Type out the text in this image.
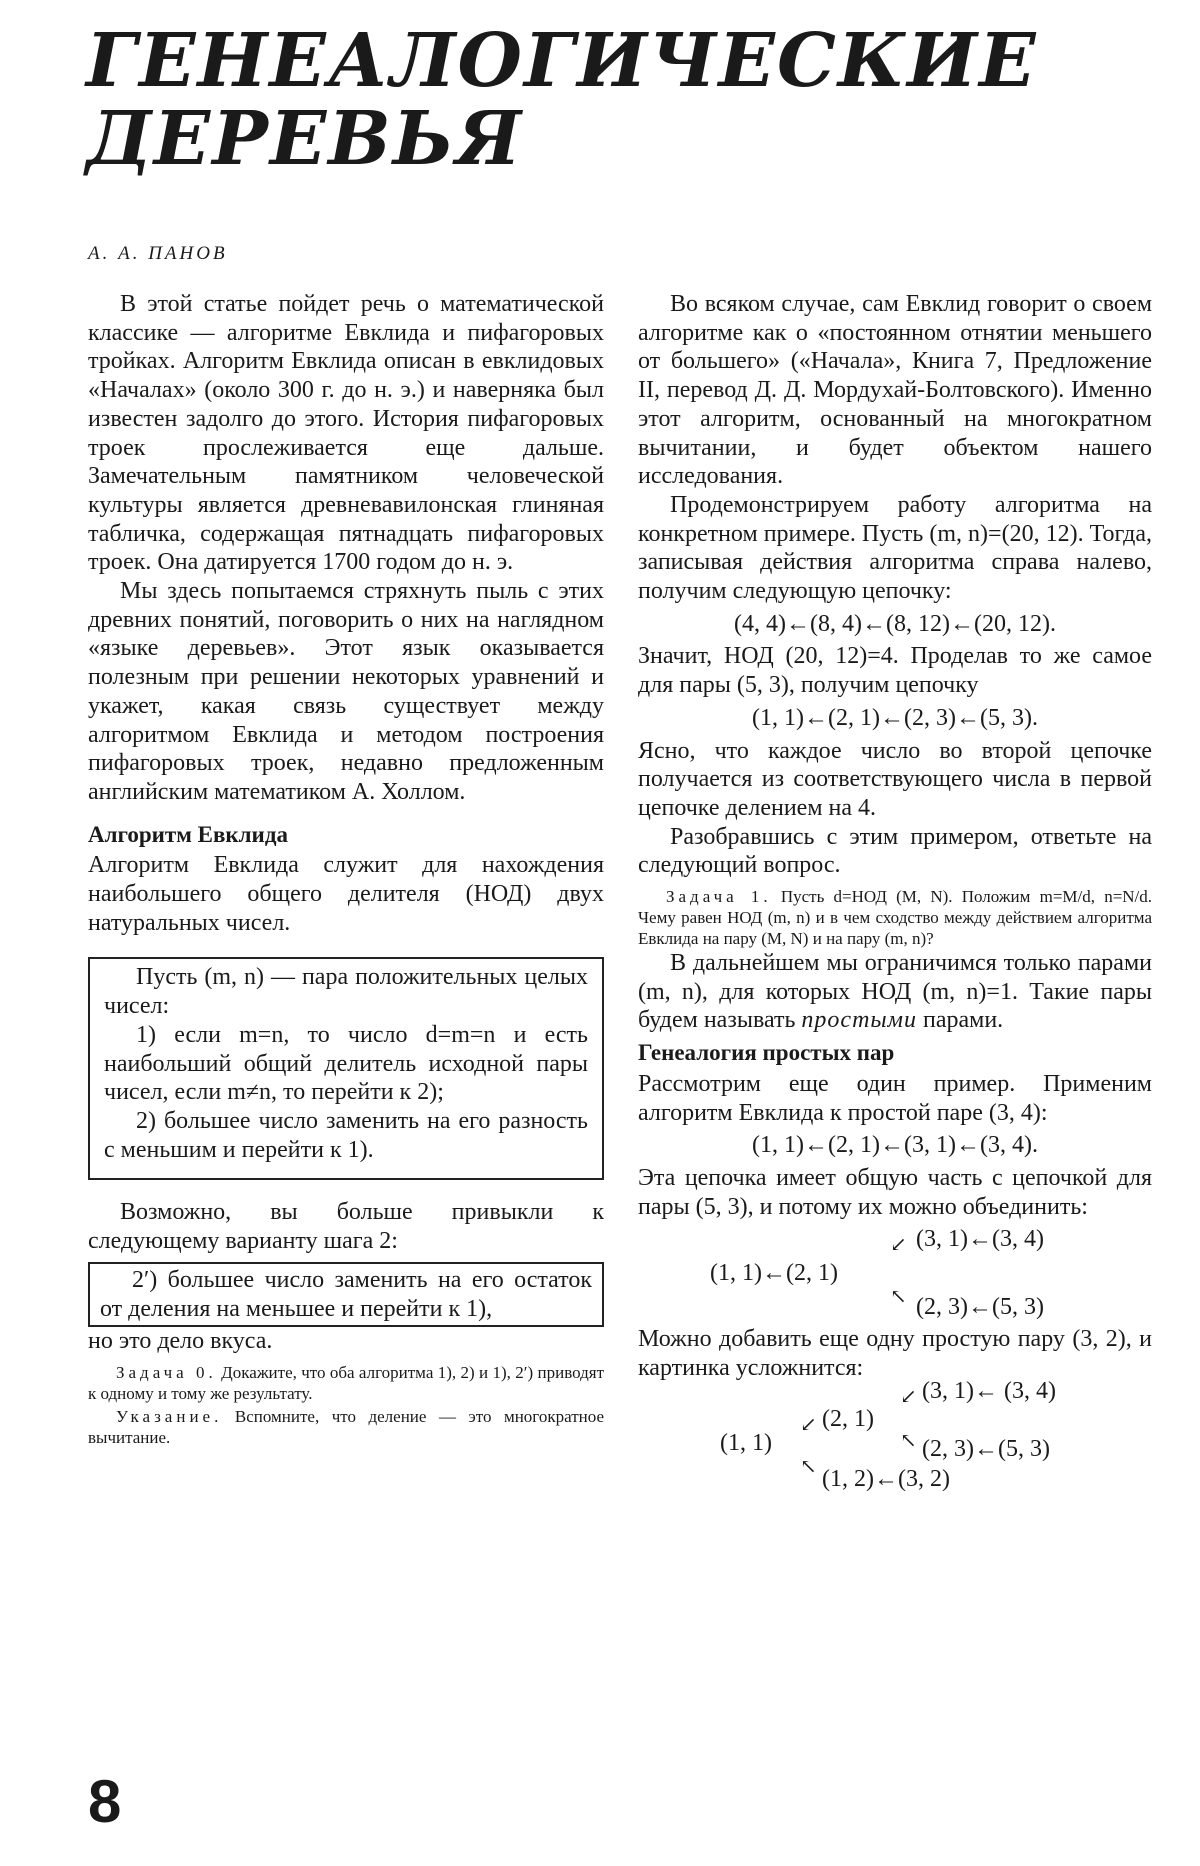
ГЕНЕАЛОГИЧЕСКИЕ
ДЕРЕВЬЯ
А. А. ПАНОВ

В этой статье пойдет речь о математической классике — алгоритме Евклида и пифагоровых тройках. Алгоритм Евклида описан в евклидовых «Началах» (около 300 г. до н. э.) и наверняка был известен задолго до этого. История пифагоровых троек прослеживается еще дальше. Замечательным памятником человеческой культуры является древневавилонская глиняная табличка, содержащая пятнадцать пифагоровых троек. Она датируется 1700 годом до н. э.

Мы здесь попытаемся стряхнуть пыль с этих древних понятий, поговорить о них на наглядном «языке деревьев». Этот язык оказывается полезным при решении некоторых уравнений и укажет, какая связь существует между алгоритмом Евклида и методом построения пифагоровых троек, недавно предложенным английским математиком А. Холлом.

Алгоритм Евклида

Алгоритм Евклида служит для нахождения наибольшего общего делителя (НОД) двух натуральных чисел.

Пусть (m, n) — пара положительных целых чисел:

1) если m=n, то число d=m=n и есть наибольший общий делитель исходной пары чисел, если m≠n, то перейти к 2);

2) большее число заменить на его разность с меньшим и перейти к 1).

Возможно, вы больше привыкли к следующему варианту шага 2:

2′) большее число заменить на его остаток от деления на меньшее и перейти к 1),

но это дело вкуса.

Задача 0. Докажите, что оба алгоритма 1), 2) и 1), 2′) приводят к одному и тому же результату.
Указание. Вспомните, что деление — это многократное вычитание.

Во всяком случае, сам Евклид говорит о своем алгоритме как о «постоянном отнятии меньшего от большего» («Начала», Книга 7, Предложение II, перевод Д. Д. Мордухай-Болтовского). Именно этот алгоритм, основанный на многократном вычитании, и будет объектом нашего исследования.

Продемонстрируем работу алгоритма на конкретном примере. Пусть (m, n)=(20, 12). Тогда, записывая действия алгоритма справа налево, получим следующую цепочку:

(4, 4)←(8, 4)←(8, 12)←(20, 12).

Значит, НОД (20, 12)=4. Проделав то же самое для пары (5, 3), получим цепочку

(1, 1)←(2, 1)←(2, 3)←(5, 3).

Ясно, что каждое число во второй цепочке получается из соответствующего числа в первой цепочке делением на 4.

Разобравшись с этим примером, ответьте на следующий вопрос.

Задача 1. Пусть d=НОД (M, N). Положим m=M/d, n=N/d. Чему равен НОД (m, n) и в чем сходство между действием алгоритма Евклида на пару (M, N) и на пару (m, n)?

В дальнейшем мы ограничимся только парами (m, n), для которых НОД (m, n)=1. Такие пары будем называть простыми парами.

Генеалогия простых пар

Рассмотрим еще один пример. Применим алгоритм Евклида к простой паре (3, 4):

(1, 1)←(2, 1)←(3, 1)←(3, 4).

Эта цепочка имеет общую часть с цепочкой для пары (5, 3), и потому их можно объединить:

(1, 1)←(2, 1)
↙ (3, 1)←(3, 4)
↖ (2, 3)←(5, 3)

Можно добавить еще одну простую пару (3, 2), и картинка усложнится:

(1, 1)
↙ (2, 1)
↙ (3, 1)← (3, 4)
↖ (2, 3)←(5, 3)
↖ (1, 2)←(3, 2)
8
